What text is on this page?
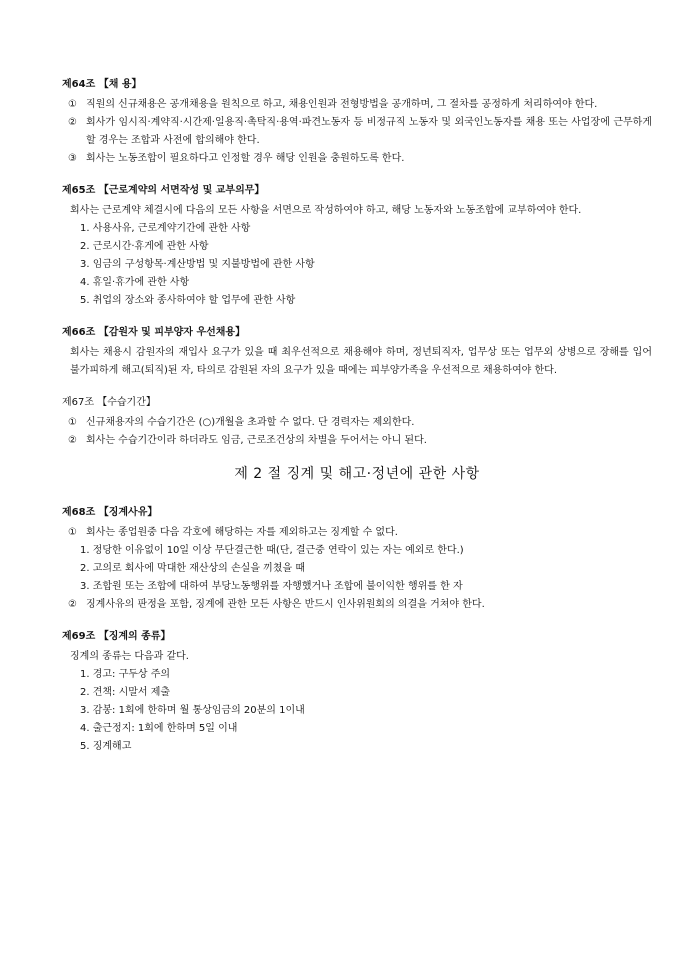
제64조 【채 용】
① 직원의 신규채용은 공개채용을 원칙으로 하고, 채용인원과 전형방법을 공개하며, 그 절차를 공정하게 처리하여야 한다.
② 회사가 임시직·계약직·시간제·일용직·촉탁직·용역·파견노동자 등 비정규직 노동자 및 외국인노동자를 채용 또는 사업장에 근무하게 할 경우는 조합과 사전에 합의해야 한다.
③ 회사는 노동조합이 필요하다고 인정할 경우 해당 인원을 충원하도록 한다.
제65조 【근로계약의 서면작성 및 교부의무】
회사는 근로계약 체결시에 다음의 모든 사항을 서면으로 작성하여야 하고, 해당 노동자와 노동조합에 교부하여야 한다.
1. 사용사유, 근로계약기간에 관한 사항
2. 근로시간·휴게에 관한 사항
3. 임금의 구성항목·계산방법 및 지불방법에 관한 사항
4. 휴일·휴가에 관한 사항
5. 취업의 장소와 종사하여야 할 업무에 관한 사항
제66조 【감원자 및 피부양자 우선채용】
회사는 채용시 감원자의 재입사 요구가 있을 때 최우선적으로 채용해야 하며, 정년퇴직자, 업무상 또는 업무외 상병으로 장해를 입어 불가피하게 해고(퇴직)된 자, 타의로 감원된 자의 요구가 있을 때에는 피부양가족을 우선적으로 채용하여야 한다.
제67조 【수습기간】
① 신규채용자의 수습기간은 (○)개월을 초과할 수 없다. 단 경력자는 제외한다.
② 회사는 수습기간이라 하더라도 임금, 근로조건상의 차별을 두어서는 아니 된다.
제 2 절 징계 및 해고·정년에 관한 사항
제68조 【징계사유】
① 회사는 종업원중 다음 각호에 해당하는 자를 제외하고는 징계할 수 없다.
1. 정당한 이유없이 10일 이상 무단결근한 때(단, 결근중 연락이 있는 자는 예외로 한다.)
2. 고의로 회사에 막대한 재산상의 손실을 끼쳤을 때
3. 조합원 또는 조합에 대하여 부당노동행위를 자행했거나 조합에 불이익한 행위를 한 자
② 징계사유의 판정을 포함, 징계에 관한 모든 사항은 반드시 인사위원회의 의결을 거쳐야 한다.
제69조 【징계의 종류】
징계의 종류는 다음과 같다.
1. 경고: 구두상 주의
2. 견책: 시말서 제출
3. 감봉: 1회에 한하며 월 통상임금의 20분의 1이내
4. 출근정지: 1회에 한하며 5일 이내
5. 징계해고
